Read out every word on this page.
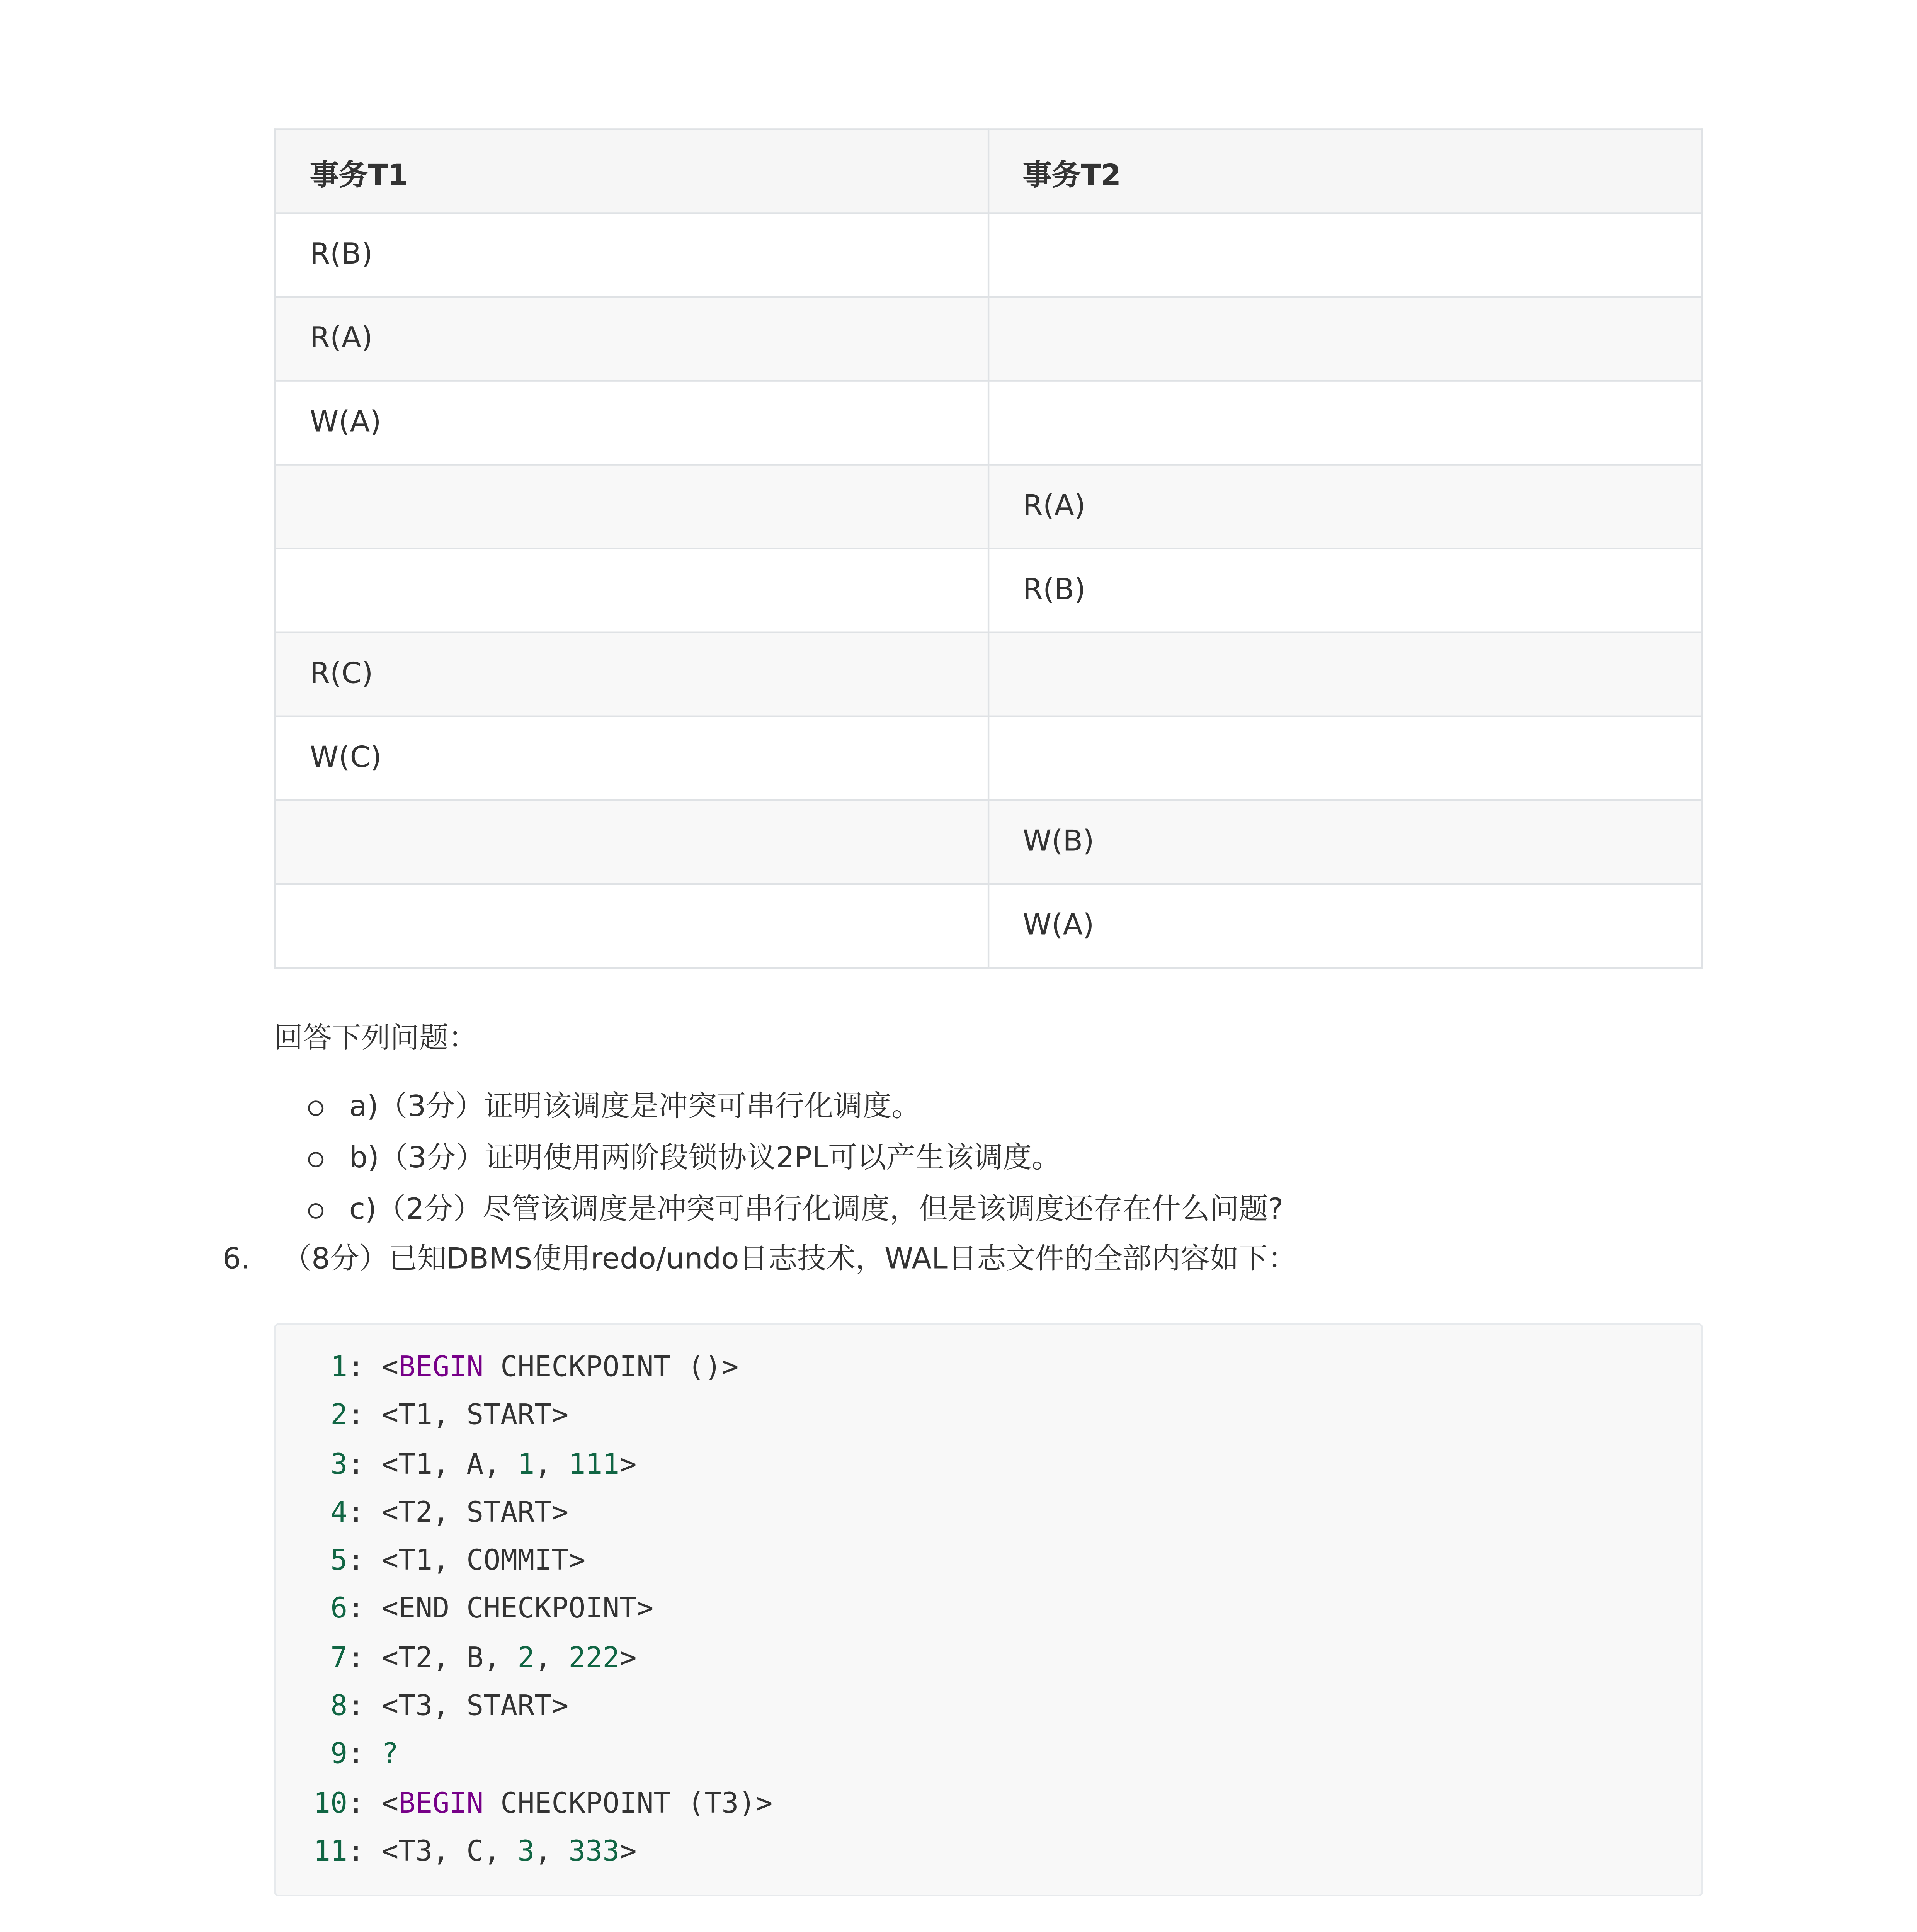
事务T1	事务T2
R(B)	
R(A)	
W(A)	
	R(A)
	R(B)
R(C)	
W(C)	
	W(B)
	W(A)
回答下列问题：
a)（3分）证明该调度是冲突可串行化调度。
b)（3分）证明使用两阶段锁协议2PL可以产生该调度。
c)（2分）尽管该调度是冲突可串行化调度，但是该调度还存在什么问题?
6.	（8分）已知DBMS使用redo/undo日志技术，WAL日志文件的全部内容如下：
1: <BEGIN	CHECKPOINT ()>
2: <T1, START>
3: <T1, A, 1, 111>
4: <T2, START>
5: <T1, COMMIT>
6: <END CHECKPOINT>
7: <T2, B, 2, 222>
8: <T3, START>
9: ?
10: <BEGIN	CHECKPOINT (T3)>
11: <T3, C, 3, 333>
